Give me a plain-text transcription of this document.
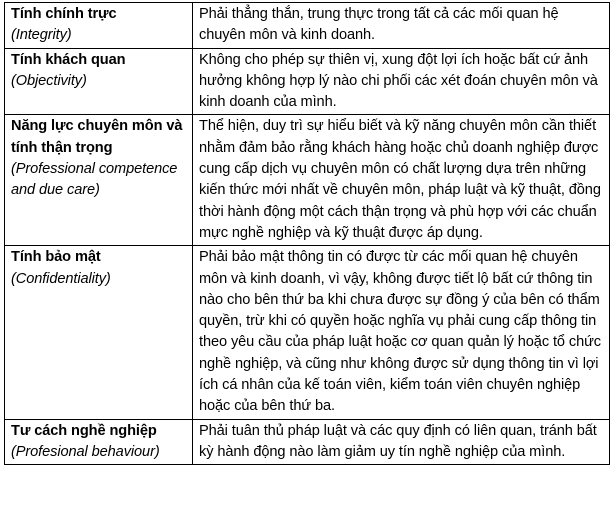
Tính chính trực
(Integrity)	Phải thẳng thắn, trung thực trong tất cả các mối quan hệ chuyên môn và kinh doanh.

Tính khách quan
(Objectivity)	Không cho phép sự thiên vị, xung đột lợi ích hoặc bất cứ ảnh hưởng không hợp lý nào chi phối các xét đoán chuyên môn và kinh doanh của mình.

Năng lực chuyên môn và tính thận trọng
(Professional competence and due care)	Thể hiện, duy trì sự hiểu biết và kỹ năng chuyên môn cần thiết nhằm đảm bảo rằng khách hàng hoặc chủ doanh nghiệp được cung cấp dịch vụ chuyên môn có chất lượng dựa trên những kiến thức mới nhất về chuyên môn, pháp luật và kỹ thuật, đồng thời hành động một cách thận trọng và phù hợp với các chuẩn mực nghề nghiệp và kỹ thuật được áp dụng.

Tính bảo mật
(Confidentiality)	Phải bảo mật thông tin có được từ các mối quan hệ chuyên môn và kinh doanh, vì vậy, không được tiết lộ bất cứ thông tin nào cho bên thứ ba khi chưa được sự đồng ý của bên có thẩm quyền, trừ khi có quyền hoặc nghĩa vụ phải cung cấp thông tin theo yêu cầu của pháp luật hoặc cơ quan quản lý hoặc tổ chức nghề nghiệp, và cũng như không được sử dụng thông tin vì lợi ích cá nhân của kế toán viên, kiểm toán viên chuyên nghiệp hoặc của bên thứ ba.

Tư cách nghề nghiệp
(Profesional behaviour)	Phải tuân thủ pháp luật và các quy định có liên quan, tránh bất kỳ hành động nào làm giảm uy tín nghề nghiệp của mình.
